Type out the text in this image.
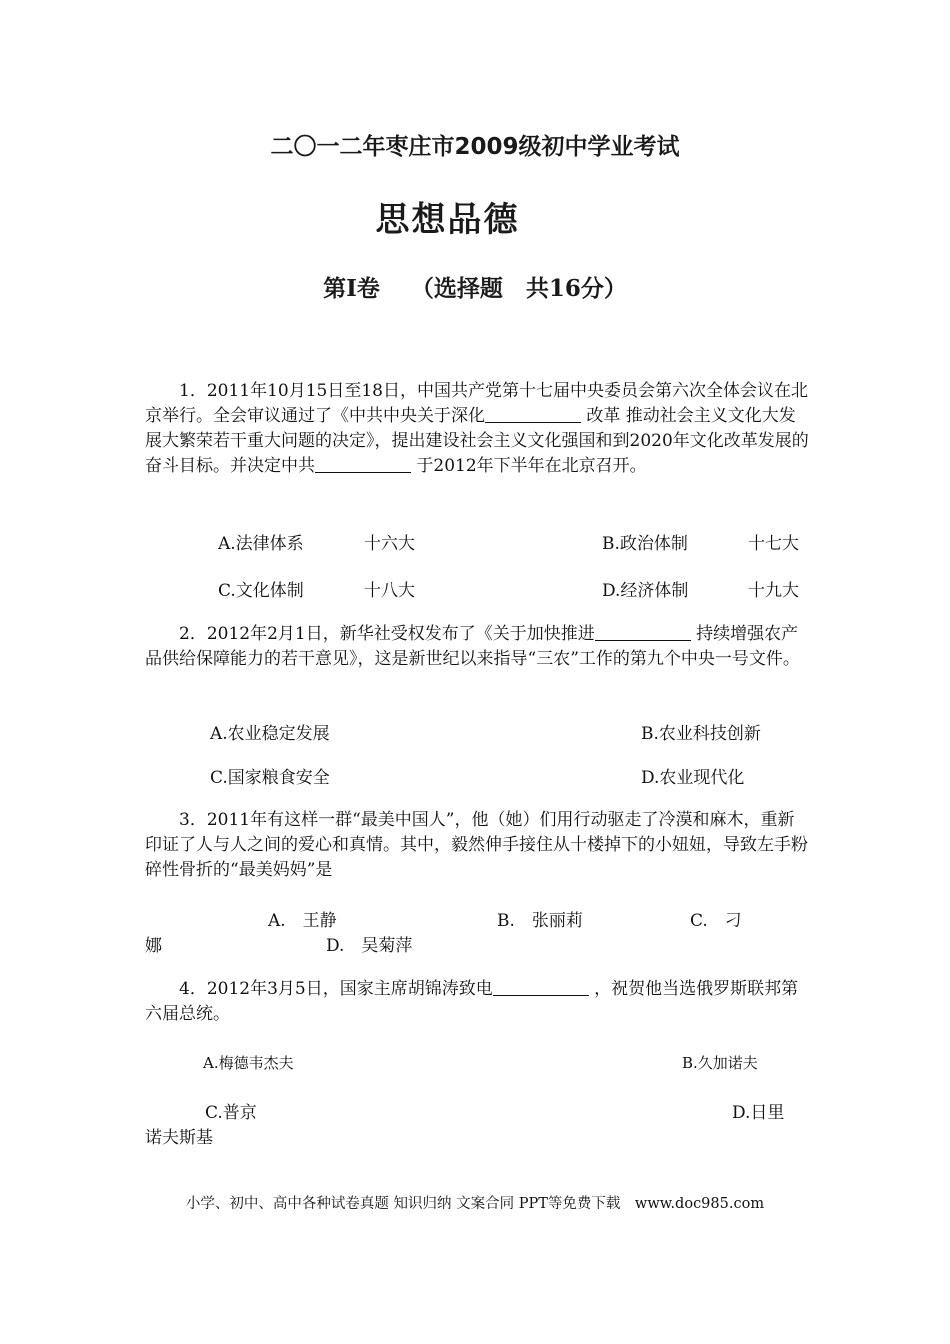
二〇一二年枣庄市2009级初中学业考试
思想品德
第Ⅰ卷　 （选择题　共16分）
1．2011年10月15日至18日，中国共产党第十七届中央委员会第六次全体会议在北京举行。全会审议通过了《中共中央关于深化	改革 推动社会主义文化大发展大繁荣若干重大问题的决定》，提出建设社会主义文化强国和到2020年文化改革发展的奋斗目标。并决定中共	于2012年下半年在北京召开。
A.法律体系	十六大	B.政治体制	十七大
C.文化体制	十八大	D.经济体制	十九大
2．2012年2月1日，新华社受权发布了《关于加快推进	持续增强农产品供给保障能力的若干意见》，这是新世纪以来指导“三农”工作的第九个中央一号文件。
A.农业稳定发展	B.农业科技创新
C.国家粮食安全	D.农业现代化
3．2011年有这样一群“最美中国人”，他（她）们用行动驱走了冷漠和麻木，重新印证了人与人之间的爱心和真情。其中，毅然伸手接住从十楼掉下的小妞妞，导致左手粉碎性骨折的“最美妈妈”是
A.　王静	B.　张丽莉	C.　刁
娜	D.　吴菊萍
4．2012年3月5日，国家主席胡锦涛致电	，祝贺他当选俄罗斯联邦第六届总统。
A.梅德韦杰夫	B.久加诺夫
C.普京	D.日里
诺夫斯基
小学、初中、高中各种试卷真题 知识归纳 文案合同 PPT等免费下载　www.doc985.com
